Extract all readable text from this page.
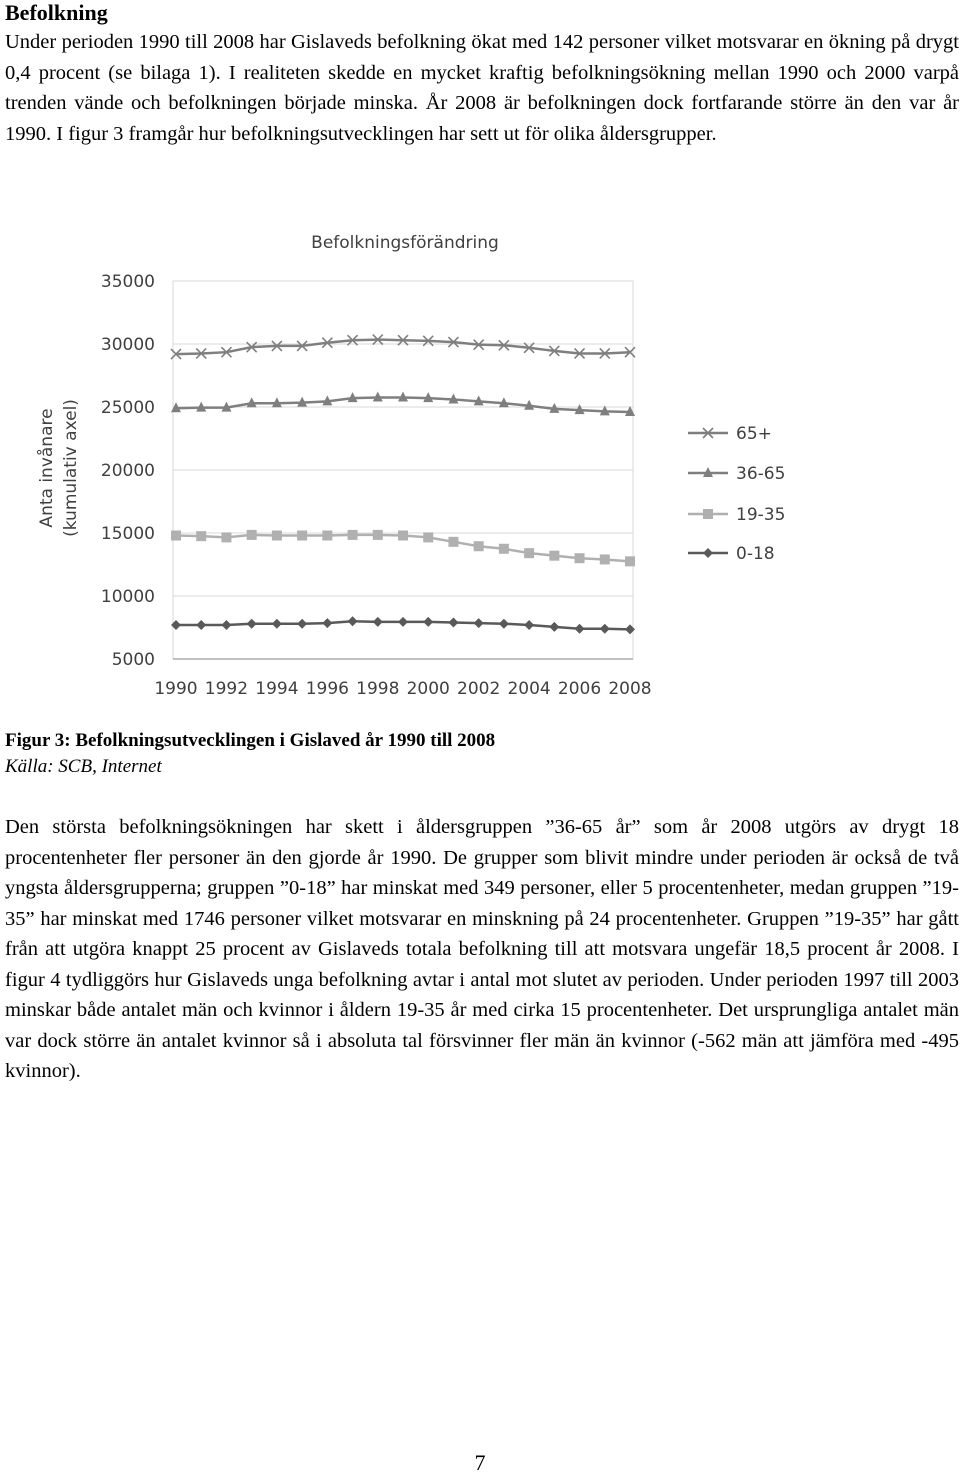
Befolkning
Under perioden 1990 till 2008 har Gislaveds befolkning ökat med 142 personer vilket motsvarar en ökning på drygt 0,4 procent (se bilaga 1). I realiteten skedde en mycket kraftig befolkningsökning mellan 1990 och 2000 varpå trenden vände och befolkningen började minska. År 2008 är befolkningen dock fortfarande större än den var år 1990. I figur 3 framgår hur befolkningsutvecklingen har sett ut för olika åldersgrupper.
Befolkningsförändring
Anta invånare (kumulativ axel)
5000
10000
15000
20000
25000
30000
35000
1990 1992 1994 1996 1998 2000 2002 2004 2006 2008
65+
36-65
19-35
0-18
Figur 3: Befolkningsutvecklingen i Gislaved år 1990 till 2008
Källa: SCB, Internet
Den största befolkningsökningen har skett i åldersgruppen ”36-65 år” som år 2008 utgörs av drygt 18 procentenheter fler personer än den gjorde år 1990. De grupper som blivit mindre under perioden är också de två yngsta åldersgrupperna; gruppen ”0-18” har minskat med 349 personer, eller 5 procentenheter, medan gruppen ”19-35” har minskat med 1746 personer vilket motsvarar en minskning på 24 procentenheter. Gruppen ”19-35” har gått från att utgöra knappt 25 procent av Gislaveds totala befolkning till att motsvara ungefär 18,5 procent år 2008. I figur 4 tydliggörs hur Gislaveds unga befolkning avtar i antal mot slutet av perioden. Under perioden 1997 till 2003 minskar både antalet män och kvinnor i åldern 19-35 år med cirka 15 procentenheter. Det ursprungliga antalet män var dock större än antalet kvinnor så i absoluta tal försvinner fler män än kvinnor (-562 män att jämföra med -495 kvinnor).
7
